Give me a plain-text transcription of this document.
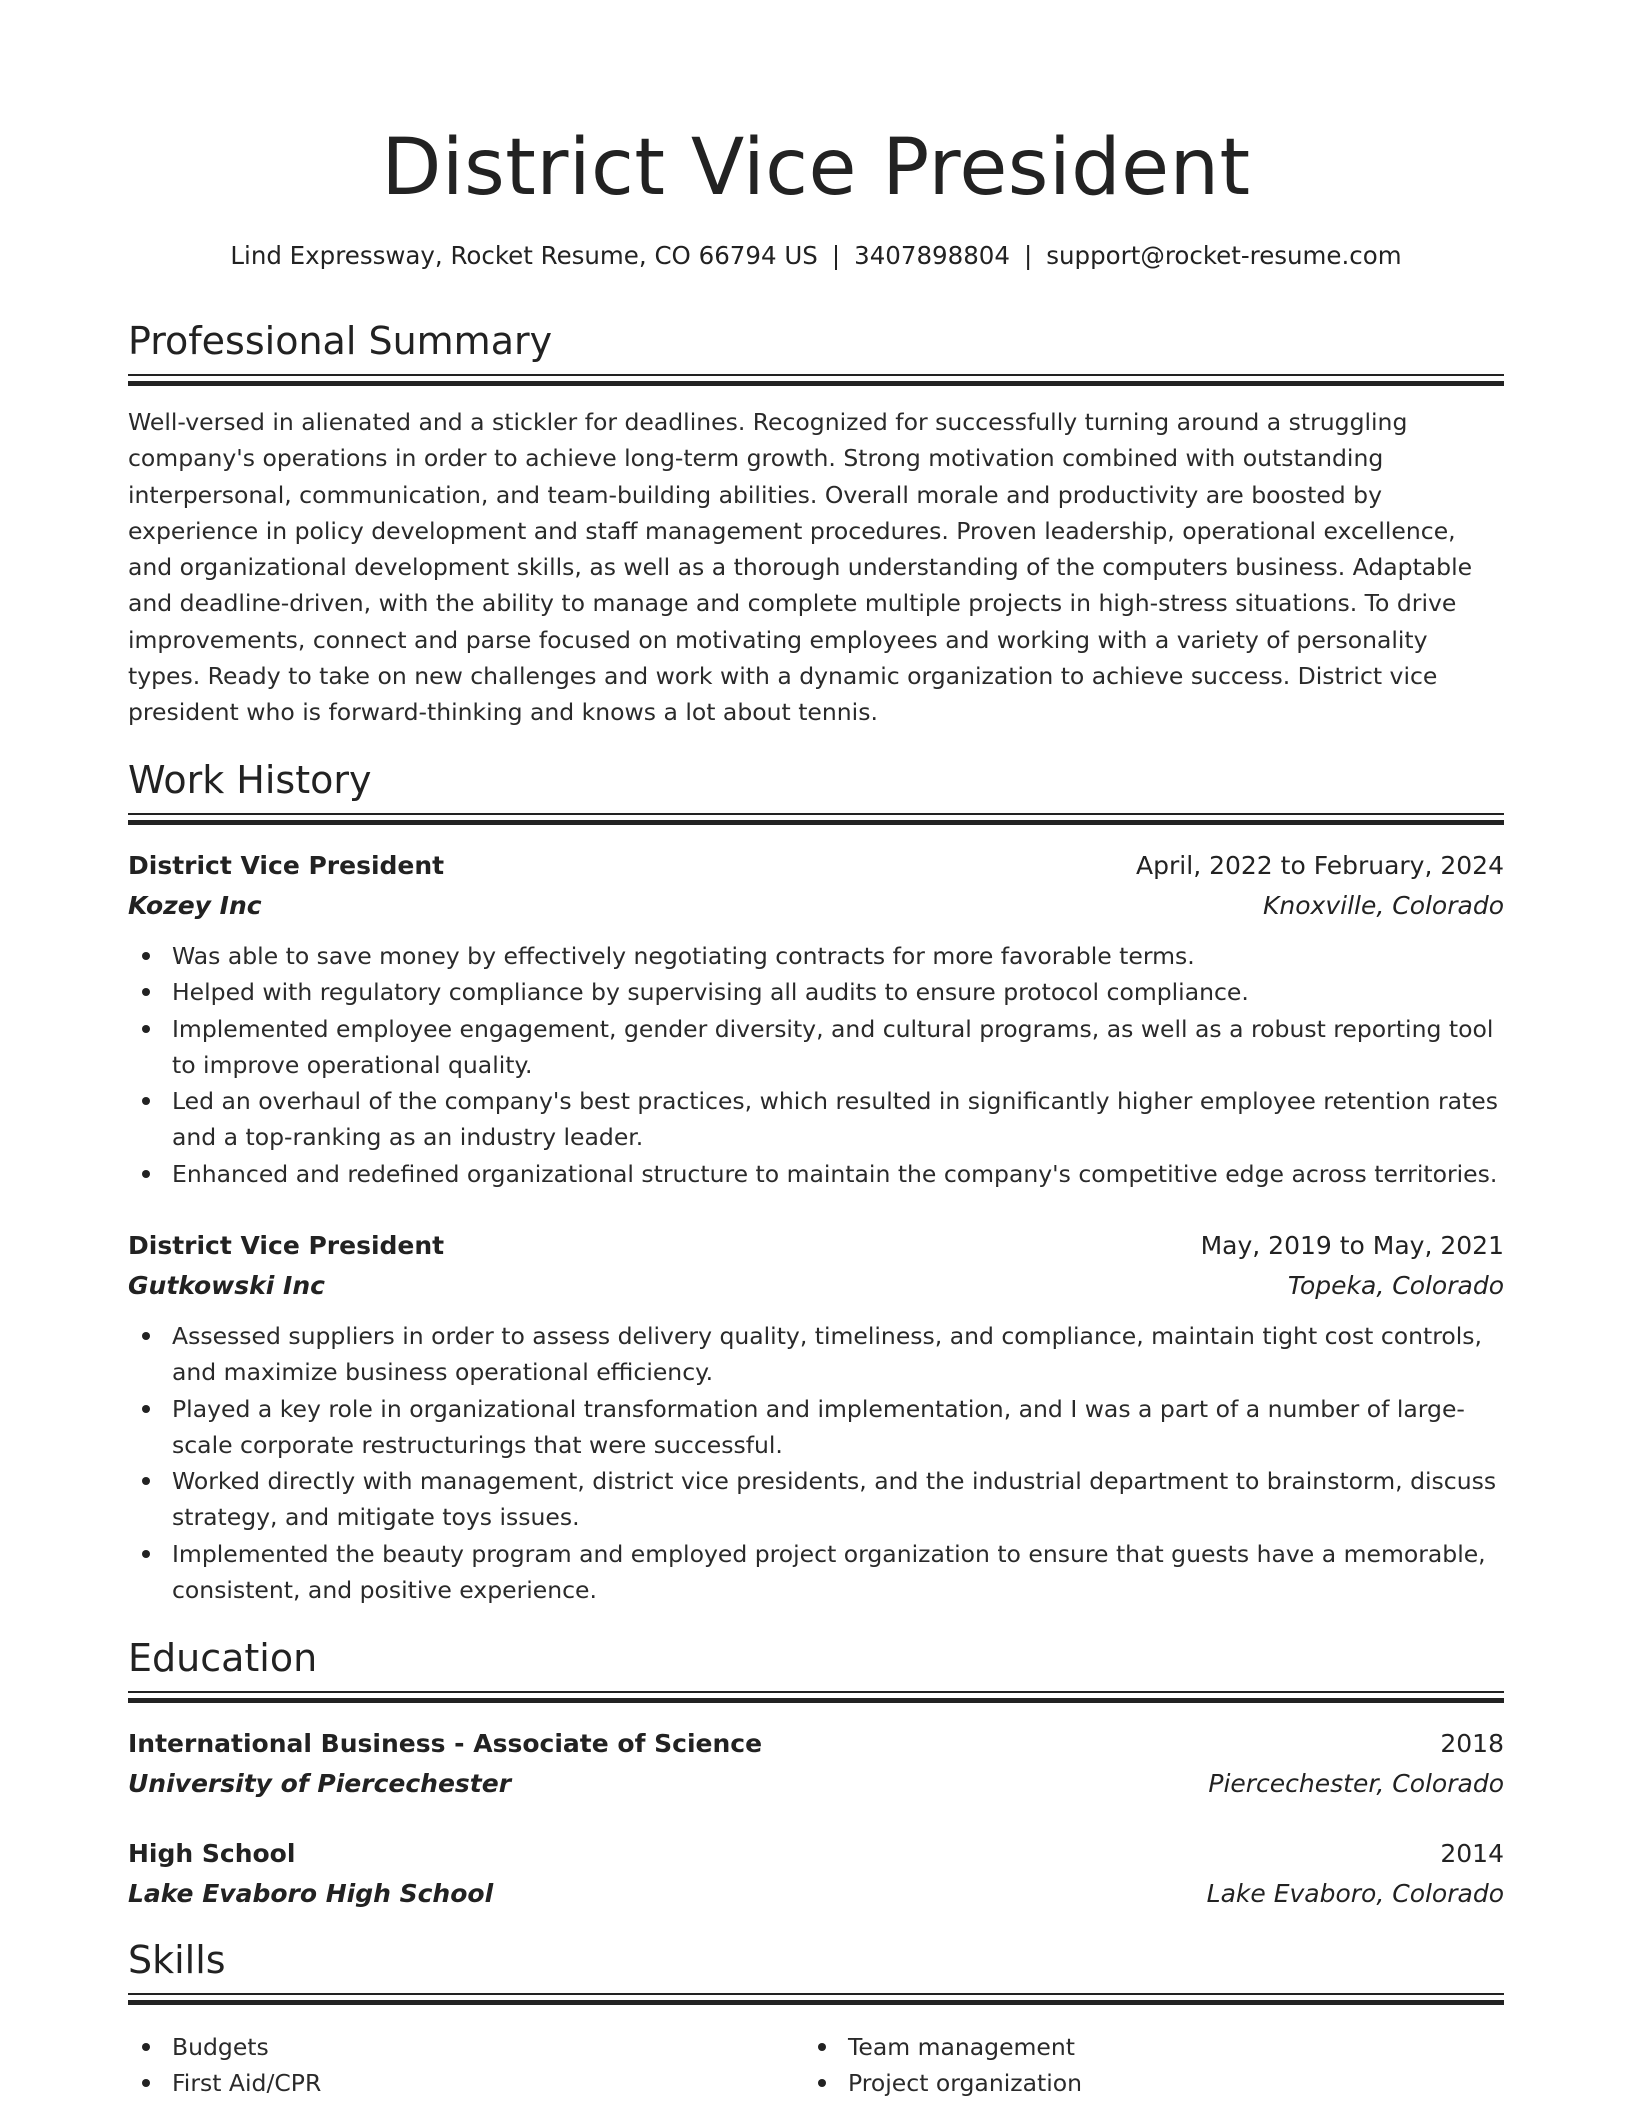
District Vice President
Lind Expressway, Rocket Resume, CO 66794 US | 3407898804 | support@rocket-resume.com
Professional Summary

Well-versed in alienated and a stickler for deadlines. Recognized for successfully turning around a struggling company's operations in order to achieve long-term growth. Strong motivation combined with outstanding interpersonal, communication, and team-building abilities. Overall morale and productivity are boosted by experience in policy development and staff management procedures. Proven leadership, operational excellence, and organizational development skills, as well as a thorough understanding of the computers business. Adaptable and deadline-driven, with the ability to manage and complete multiple projects in high-stress situations. To drive improvements, connect and parse focused on motivating employees and working with a variety of personality types. Ready to take on new challenges and work with a dynamic organization to achieve success. District vice president who is forward-thinking and knows a lot about tennis.

Work History
District Vice President	April, 2022 to February, 2024
Kozey Inc	Knoxville, Colorado
Was able to save money by effectively negotiating contracts for more favorable terms.
Helped with regulatory compliance by supervising all audits to ensure protocol compliance.
Implemented employee engagement, gender diversity, and cultural programs, as well as a robust reporting tool to improve operational quality.
Led an overhaul of the company's best practices, which resulted in significantly higher employee retention rates and a top-ranking as an industry leader.
Enhanced and redefined organizational structure to maintain the company's competitive edge across territories.
District Vice President	May, 2019 to May, 2021
Gutkowski Inc	Topeka, Colorado
Assessed suppliers in order to assess delivery quality, timeliness, and compliance, maintain tight cost controls, and maximize business operational efficiency.
Played a key role in organizational transformation and implementation, and I was a part of a number of large-scale corporate restructurings that were successful.
Worked directly with management, district vice presidents, and the industrial department to brainstorm, discuss strategy, and mitigate toys issues.
Implemented the beauty program and employed project organization to ensure that guests have a memorable, consistent, and positive experience.
Education
International Business - Associate of Science	2018
University of Piercechester	Piercechester, Colorado
High School	2014
Lake Evaboro High School	Lake Evaboro, Colorado
Skills
Budgets
First Aid/CPR
Team management
Project organization
